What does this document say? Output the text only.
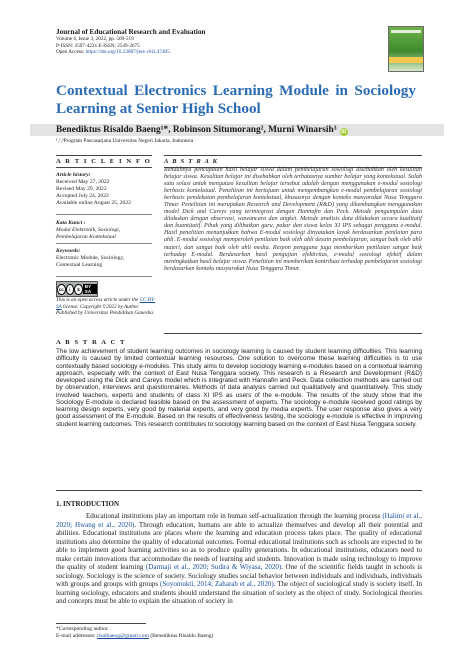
Journal of Educational Research and Evaluation
Volume 6, Issue 3, 2022, pp. 509-519
P-ISSN: 2597-422x E-ISSN: 2549-2675
Open Access: https://doi.org/10.23887/jere.v6i3.47405
Contextual Electronics Learning Module in Sociology Learning at Senior High School
Benediktus Risaldo Baeng¹*, Robinson Situmorang², Murni Winarsih³ iD
¹,²,³Program Pascasarjana Universitas Negeri Jakarta, Indonesia
A R T I C L E I N F O
Article history:
Received May 27, 2022
Revised May 29, 2022
Accepted July 24, 2022
Available online August 25, 2022
Kata Kunci :
Modul Elektronik, Sosiologi,
Pembelajaran Kontekstual
Keywords:
Electronic Module, Sociology,
Contextual Learning
cc	i	$	BY SA
This is an open access article under the CC BY-SA license. Copyright ©2022 by Author. Published by Universitas Pendidikan Ganesha.
A B S T R A K
Rendahnya pencapaian hasil belajar siswa dalam pembelajaran sosiologi disebabkan oleh kesulitan belajar siswa. Kesulitan belajar ini disebabkan oleh terbatasnya sumber belajar yang kontekstual. Salah satu solusi untuk mengatasi kesulitan belajar tersebut adalah dengan menggunakan e-modul sosiologi berbasis kontekstual. Penelitian ini bertujuan untuk mengembangkan e-modul pembelajaran sosiologi berbasis pendekatan pembelajaran kontekstual, khususnya dengan konteks masyarakat Nusa Tenggara Timur. Penelitian ini merupakan Research and Development (R&D) yang dikembangkan menggunakan model Dick and Careys yang terintegrasi dengan Hannafin dan Peck. Metode pengumpulan data dilakukan dengan observasi, wawancara dan angket. Metode analisis data dilakukan secara kualitatif dan kuantitatif. Pihak yang dilibatkan guru, pakar dan siswa kelas XI IPS sebagai pengguna e-modul. Hasil penelitian menunjukkan bahwa E-modul sosiologi dinyatakan layak berdasarkan penilaian para ahli. E-modul sosiologi memperoleh penilaian baik oleh ahli desain pembelajaran, sangat baik oleh ahli materi, dan sangat baik oleh ahli media. Respon pengguna juga memberikan penilaian sangat baik terhadap E-modul. Berdasarkan hasil pengujian efektivitas, e-modul sosiologi efektif dalam meningkatkan hasil belajar siswa. Penelitian ini memberikan kontribusi terhadap pembelajaran sosiologi berdasarkan konteks masyarakat Nusa Tenggara Timur.
A B S T R A C T
The low achievement of student learning outcomes in sociology learning is caused by student learning difficulties. This learning difficulty is caused by limited contextual learning resources. One solution to overcome these learning difficulties is to use contextually based sociology e-modules. This study aims to develop sociology learning e-modules based on a contextual learning approach, especially with the context of East Nusa Tenggara society. This research is a Research and Development (R&D) developed using the Dick and Careys model which is integrated with Hannafin and Peck. Data collection methods are carried out by observation, interviews and questionnaires. Methods of data analysis carried out qualitatively and quantitatively. This study involved teachers, experts and students of class XI IPS as users of the e-module. The results of the study show that the Sociology E-module is declared feasible based on the assessment of experts. The sociology e-module received good ratings by learning design experts, very good by material experts, and very good by media experts. The user response also gives a very good assessment of the E-module. Based on the results of effectiveness testing, the sociology e-module is effective in improving student learning outcomes. This research contributes to sociology learning based on the context of East Nusa Tenggara society.
1. INTRODUCTION
Educational institutions play an important role in human self-actualization through the learning process (Halimi et al., 2020; Hwang et al., 2020). Through education, humans are able to actualize themselves and develop all their potential and abilities. Educational institutions are places where the learning and education process takes place. The quality of educational institutions also determine the quality of educational outcomes. Formal educational institutions such as schools are expected to be able to implement good learning activities so as to produce quality generations. In educational institutions, educators need to make certain innovations that accommodate the needs of learning and students. Innovation is made using technology to improve the quality of student learning (Darmaji et al., 2020; Sudira & Wiyasa, 2020). One of the scientific fields taught in schools is sociology. Sociology is the science of society. Sociology studies social behavior between individuals and individuals, individuals with groups and groups with groups (Soyomukti, 2014; Zaharah et al., 2020). The object of sociological study is society itself. In learning sociology, educators and students should understand the situation of society as the object of study. Sociological theories and concepts must be able to explain the situation of society in
*Corresponding author.
E-mail addresses: risalbaeng@gmail.com (Benediktus Risaldo Baeng)
